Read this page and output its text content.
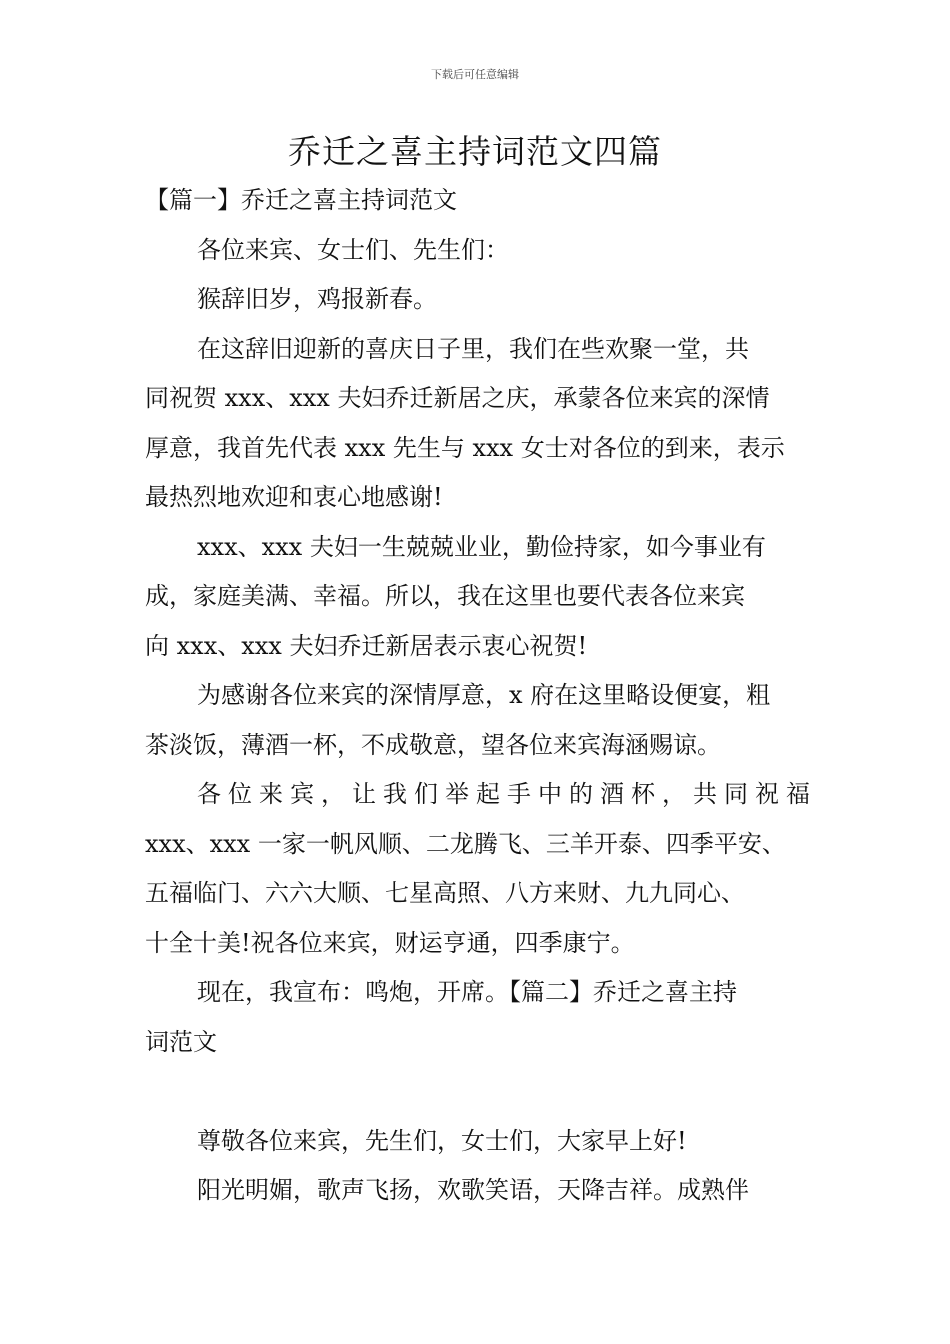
下载后可任意编辑
乔迁之喜主持词范文四篇
【篇一】乔迁之喜主持词范文
各位来宾、女士们、先生们：
猴辞旧岁，鸡报新春。
在这辞旧迎新的喜庆日子里，我们在些欢聚一堂，共
同祝贺 xxx、xxx 夫妇乔迁新居之庆，承蒙各位来宾的深情
厚意，我首先代表 xxx 先生与 xxx 女士对各位的到来，表示
最热烈地欢迎和衷心地感谢!
xxx、xxx 夫妇一生兢兢业业，勤俭持家，如今事业有
成，家庭美满、幸福。所以，我在这里也要代表各位来宾
向 xxx、xxx 夫妇乔迁新居表示衷心祝贺!
为感谢各位来宾的深情厚意，x 府在这里略设便宴，粗
茶淡饭，薄酒一杯，不成敬意，望各位来宾海涵赐谅。
各位来宾，让我们举起手中的酒杯，共同祝福
xxx、xxx 一家一帆风顺、二龙腾飞、三羊开泰、四季平安、
五福临门、六六大顺、七星高照、八方来财、九九同心、
十全十美!祝各位来宾，财运亨通，四季康宁。
现在，我宣布：鸣炮，开席。【篇二】乔迁之喜主持
词范文
尊敬各位来宾，先生们，女士们，大家早上好!
阳光明媚，歌声飞扬，欢歌笑语，天降吉祥。成熟伴
